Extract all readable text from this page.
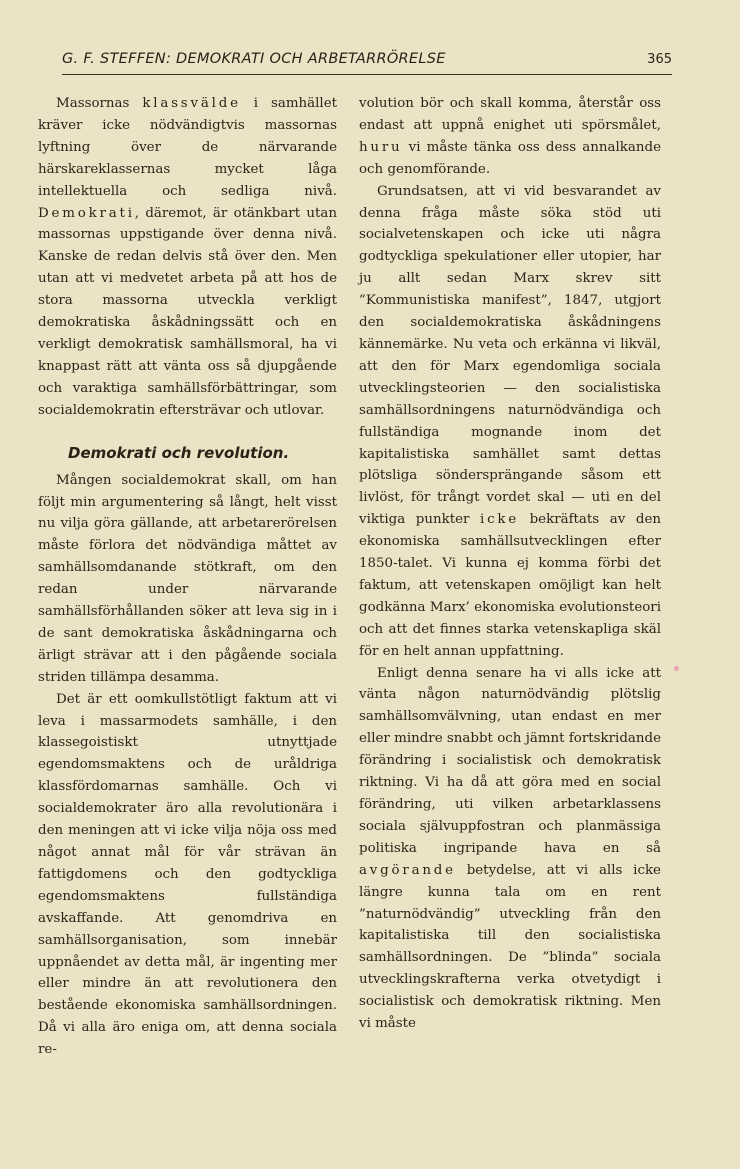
G. F. STEFFEN: DEMOKRATI OCH ARBETARRÖRELSE	365

Massornas klassvälde i samhället kräver icke nödvändigtvis massornas lyftning över de närvarande härskareklassernas mycket låga intellektuella och sedliga nivå. Demokrati, däremot, är otänkbart utan massornas uppstigande över denna nivå. Kanske de redan delvis stå över den. Men utan att vi medvetet arbeta på att hos de stora massorna utveckla verkligt demokratiska åskådningssätt och en verkligt demokratisk samhällsmoral, ha vi knappast rätt att vänta oss så djupgående och varaktiga samhällsförbättringar, som socialdemokratin eftersträvar och utlovar.

Demokrati och revolution.

Mången socialdemokrat skall, om han följt min argumentering så långt, helt visst nu vilja göra gällande, att arbetarerörelsen måste förlora det nödvändiga måttet av samhällsomdanande stötkraft, om den redan under närvarande samhällsförhållanden söker att leva sig in i de sant demokratiska åskådningarna och ärligt strävar att i den pågående sociala striden tillämpa desamma.

Det är ett oomkullstötligt faktum att vi leva i massarmodets samhälle, i den klassegoistiskt utnyttjade egendomsmaktens och de uråldriga klassfördomarnas samhälle. Och vi socialdemokrater äro alla revolutionära i den meningen att vi icke vilja nöja oss med något annat mål för vår strävan än fattigdomens och den godtyckliga egendomsmaktens fullständiga avskaffande. Att genomdriva en samhällsorganisation, som innebär uppnåendet av detta mål, är ingenting mer eller mindre än att revolutionera den bestående ekonomiska samhällsordningen. Då vi alla äro eniga om, att denna sociala re-

volution bör och skall komma, återstår oss endast att uppnå enighet uti spörsmålet, huru vi måste tänka oss dess annalkande och genomförande.

Grundsatsen, att vi vid besvarandet av denna fråga måste söka stöd uti socialvetenskapen och icke uti några godtyckliga spekulationer eller utopier, har ju allt sedan Marx skrev sitt ”Kommunistiska manifest”, 1847, utgjort den socialdemokratiska åskådningens kännemärke. Nu veta och erkänna vi likväl, att den för Marx egendomliga sociala utvecklingsteorien — den socialistiska samhällsordningens naturnödvändiga och fullständiga mognande inom det kapitalistiska samhället samt dettas plötsliga söndersprängande såsom ett livlöst, för trångt vordet skal — uti en del viktiga punkter icke bekräftats av den ekonomiska samhällsutvecklingen efter 1850-talet. Vi kunna ej komma förbi det faktum, att vetenskapen omöjligt kan helt godkänna Marx’ ekonomiska evolutionsteori och att det finnes starka vetenskapliga skäl för en helt annan uppfattning.

Enligt denna senare ha vi alls icke att vänta någon naturnödvändig plötslig samhällsomvälvning, utan endast en mer eller mindre snabbt och jämnt fortskridande förändring i socialistisk och demokratisk riktning. Vi ha då att göra med en social förändring, uti vilken arbetarklassens sociala självuppfostran och planmässiga politiska ingripande hava en så avgörande betydelse, att vi alls icke längre kunna tala om en rent ”naturnödvändig” utveckling från den kapitalistiska till den socialistiska samhällsordningen. De ”blinda” sociala utvecklingskrafterna verka otvetydigt i socialistisk och demokratisk riktning. Men vi måste
